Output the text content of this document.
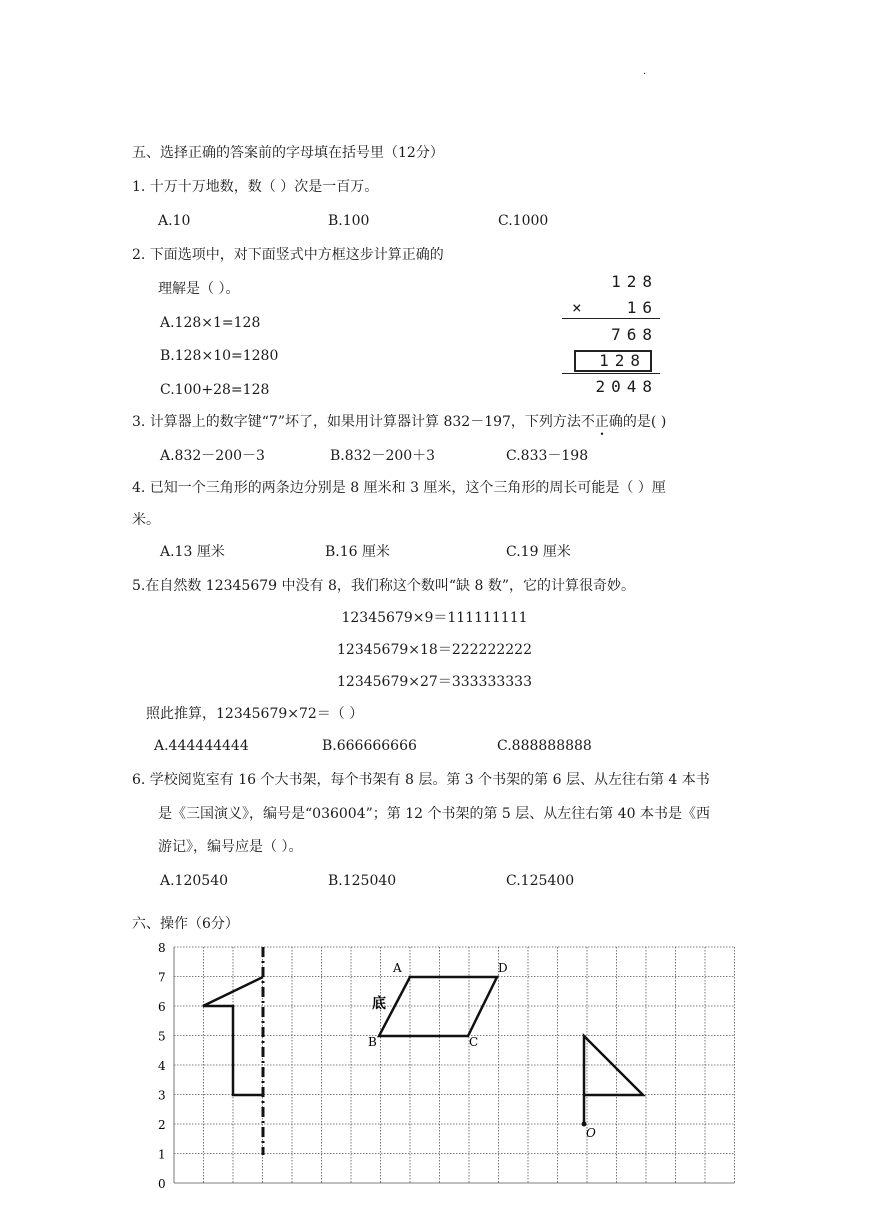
.
五、选择正确的答案前的字母填在括号里（12分）
1. 十万十万地数，数（ ）次是一百万。
A.10	B.100	C.1000
2. 下面选项中，对下面竖式中方框这步计算正确的
理解是（ ）。
A.128×1=128
B.128×10=1280
C.100+28=128
128
×	16
768
128
2048
3. 计算器上的数字键“7”坏了，如果用计算器计算 832－197，下列方法不正确的是( )
A.832－200－3	B.832－200＋3	C.833－198
4. 已知一个三角形的两条边分别是 8 厘米和 3 厘米，这个三角形的周长可能是（ ）厘
米。
A.13 厘米	B.16 厘米	C.19 厘米
5.在自然数 12345679 中没有 8，我们称这个数叫“缺 8 数”，它的计算很奇妙。
12345679×9＝111111111
12345679×18＝222222222
12345679×27＝333333333
照此推算，12345679×72＝（ ）
A.444444444	B.666666666	C.888888888
6. 学校阅览室有 16 个大书架，每个书架有 8 层。第 3 个书架的第 6 层、从左往右第 4 本书
是《三国演义》，编号是“036004”；第 12 个书架的第 5 层、从左往右第 40 本书是《西
游记》，编号应是（ ）。
A.120540	B.125040	C.125400
六、操作（6分）
0
1
2
3
4
5
6
7
8
A	D
B	C
底
O
